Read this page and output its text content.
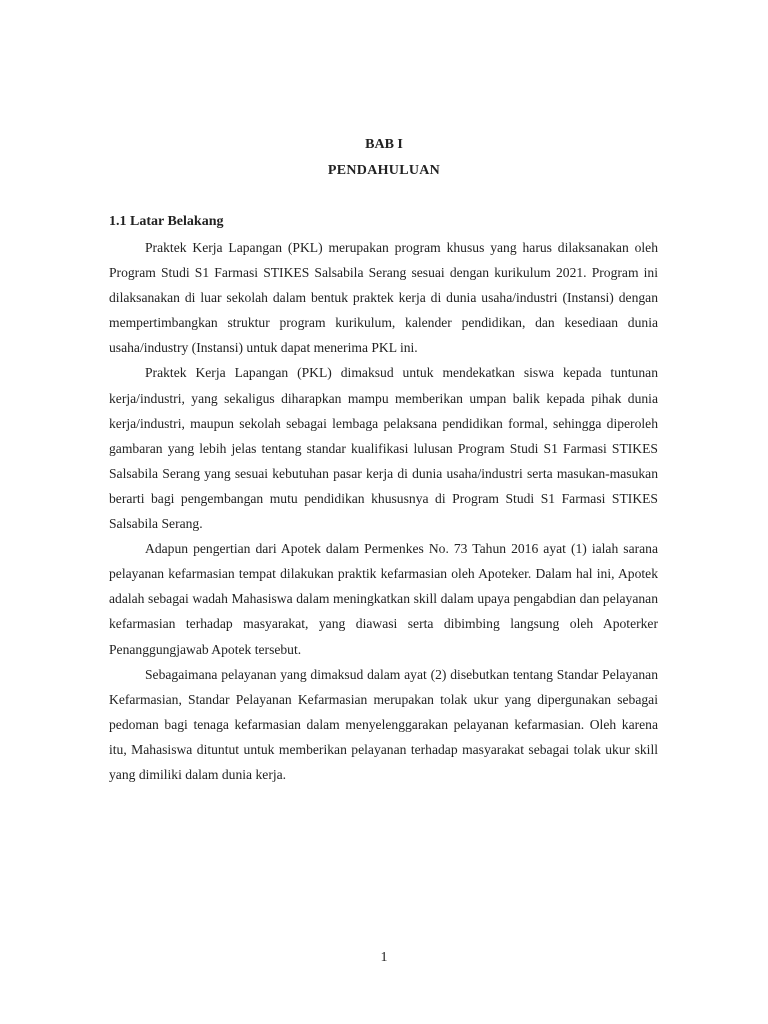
BAB I
PENDAHULUAN
1.1 Latar Belakang

Praktek Kerja Lapangan (PKL) merupakan program khusus yang harus dilaksanakan oleh Program Studi S1 Farmasi STIKES Salsabila Serang sesuai dengan kurikulum 2021. Program ini dilaksanakan di luar sekolah dalam bentuk praktek kerja di dunia usaha/industri (Instansi) dengan mempertimbangkan struktur program kurikulum, kalender pendidikan, dan kesediaan dunia usaha/industry (Instansi) untuk dapat menerima PKL ini.

Praktek Kerja Lapangan (PKL) dimaksud untuk mendekatkan siswa kepada tuntunan kerja/industri, yang sekaligus diharapkan mampu memberikan umpan balik kepada pihak dunia kerja/industri, maupun sekolah sebagai lembaga pelaksana pendidikan formal, sehingga diperoleh gambaran yang lebih jelas tentang standar kualifikasi lulusan Program Studi S1 Farmasi STIKES Salsabila Serang yang sesuai kebutuhan pasar kerja di dunia usaha/industri serta masukan-masukan berarti bagi pengembangan mutu pendidikan khususnya di Program Studi S1 Farmasi STIKES Salsabila Serang.

Adapun pengertian dari Apotek dalam Permenkes No. 73 Tahun 2016 ayat (1) ialah sarana pelayanan kefarmasian tempat dilakukan praktik kefarmasian oleh Apoteker. Dalam hal ini, Apotek adalah sebagai wadah Mahasiswa dalam meningkatkan skill dalam upaya pengabdian dan pelayanan kefarmasian terhadap masyarakat, yang diawasi serta dibimbing langsung oleh Apoterker Penanggungjawab Apotek tersebut.

Sebagaimana pelayanan yang dimaksud dalam ayat (2) disebutkan tentang Standar Pelayanan Kefarmasian, Standar Pelayanan Kefarmasian merupakan tolak ukur yang dipergunakan sebagai pedoman bagi tenaga kefarmasian dalam menyelenggarakan pelayanan kefarmasian. Oleh karena itu, Mahasiswa dituntut untuk memberikan pelayanan terhadap masyarakat sebagai tolak ukur skill yang dimiliki dalam dunia kerja.

1
